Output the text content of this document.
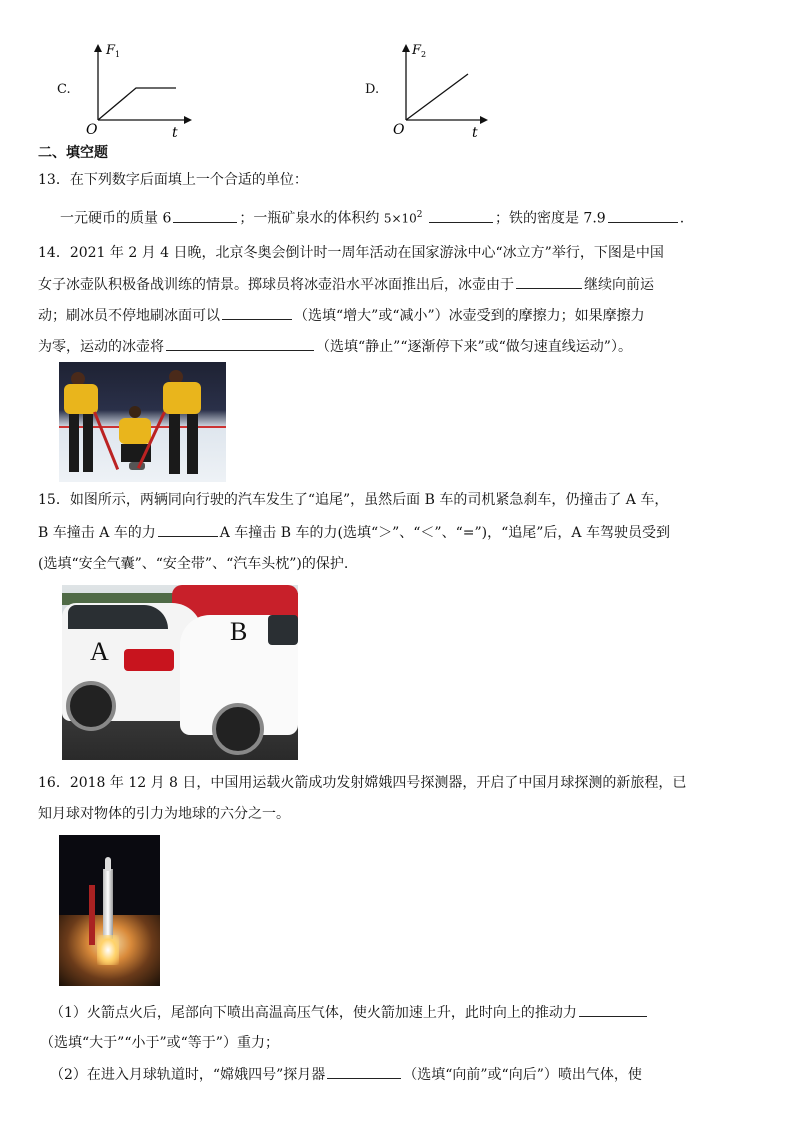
C.
F 1
O	t
D.
F 2
O	t
二、填空题
13．在下列数字后面填上一个合适的单位：
一元硬币的质量 6	；一瓶矿泉水的体积约 $5\times 10^2$	；铁的密度是 7.9	.
14．2021 年 2 月 4 日晚，北京冬奥会倒计时一周年活动在国家游泳中心“冰立方”举行，下图是中国
女子冰壶队积极备战训练的情景。掷球员将冰壶沿水平冰面推出后，冰壶由于	继续向前运
动；刷冰员不停地刷冰面可以	（选填“增大”或“减小”）冰壶受到的摩擦力；如果摩擦力
为零，运动的冰壶将	（选填“静止”“逐渐停下来”或“做匀速直线运动”）。
15．如图所示，两辆同向行驶的汽车发生了“追尾”，虽然后面 B 车的司机紧急刹车，仍撞击了 A 车，
B 车撞击 A 车的力	A 车撞击 B 车的力(选填“＞”、“＜”、“=”)，“追尾”后，A 车驾驶员受到
(选填“安全气囊”、“安全带”、“汽车头枕”)的保护.
A
B
16．2018 年 12 月 8 日，中国用运载火箭成功发射嫦娥四号探测器，开启了中国月球探测的新旅程，已
知月球对物体的引力为地球的六分之一。
（1）火箭点火后，尾部向下喷出高温高压气体，使火箭加速上升，此时向上的推动力
（选填“大于”“小于”或“等于”）重力；
（2）在进入月球轨道时，“嫦娥四号”探月器	（选填“向前”或“向后”）喷出气体，使
